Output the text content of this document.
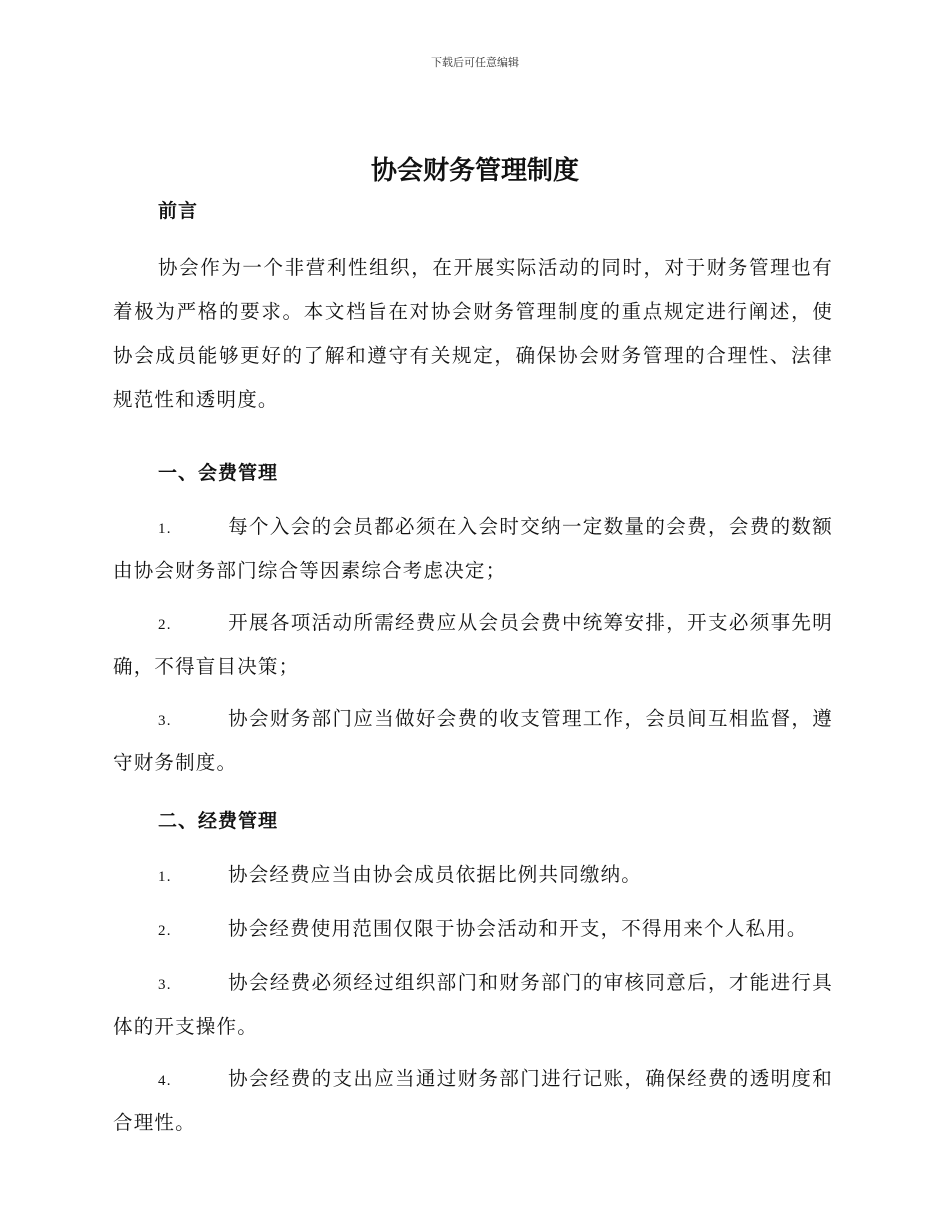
下载后可任意编辑
协会财务管理制度
前言

协会作为一个非营利性组织，在开展实际活动的同时，对于财务管理也有着极为严格的要求。本文档旨在对协会财务管理制度的重点规定进行阐述，使协会成员能够更好的了解和遵守有关规定，确保协会财务管理的合理性、法律规范性和透明度。

一、会费管理

1.	每个入会的会员都必须在入会时交纳一定数量的会费，会费的数额由协会财务部门综合等因素综合考虑决定；

2.	开展各项活动所需经费应从会员会费中统筹安排，开支必须事先明确，不得盲目决策；

3.	协会财务部门应当做好会费的收支管理工作，会员间互相监督，遵守财务制度。

二、经费管理

1.	协会经费应当由协会成员依据比例共同缴纳。

2.	协会经费使用范围仅限于协会活动和开支，不得用来个人私用。

3.	协会经费必须经过组织部门和财务部门的审核同意后，才能进行具体的开支操作。

4.	协会经费的支出应当通过财务部门进行记账，确保经费的透明度和合理性。
